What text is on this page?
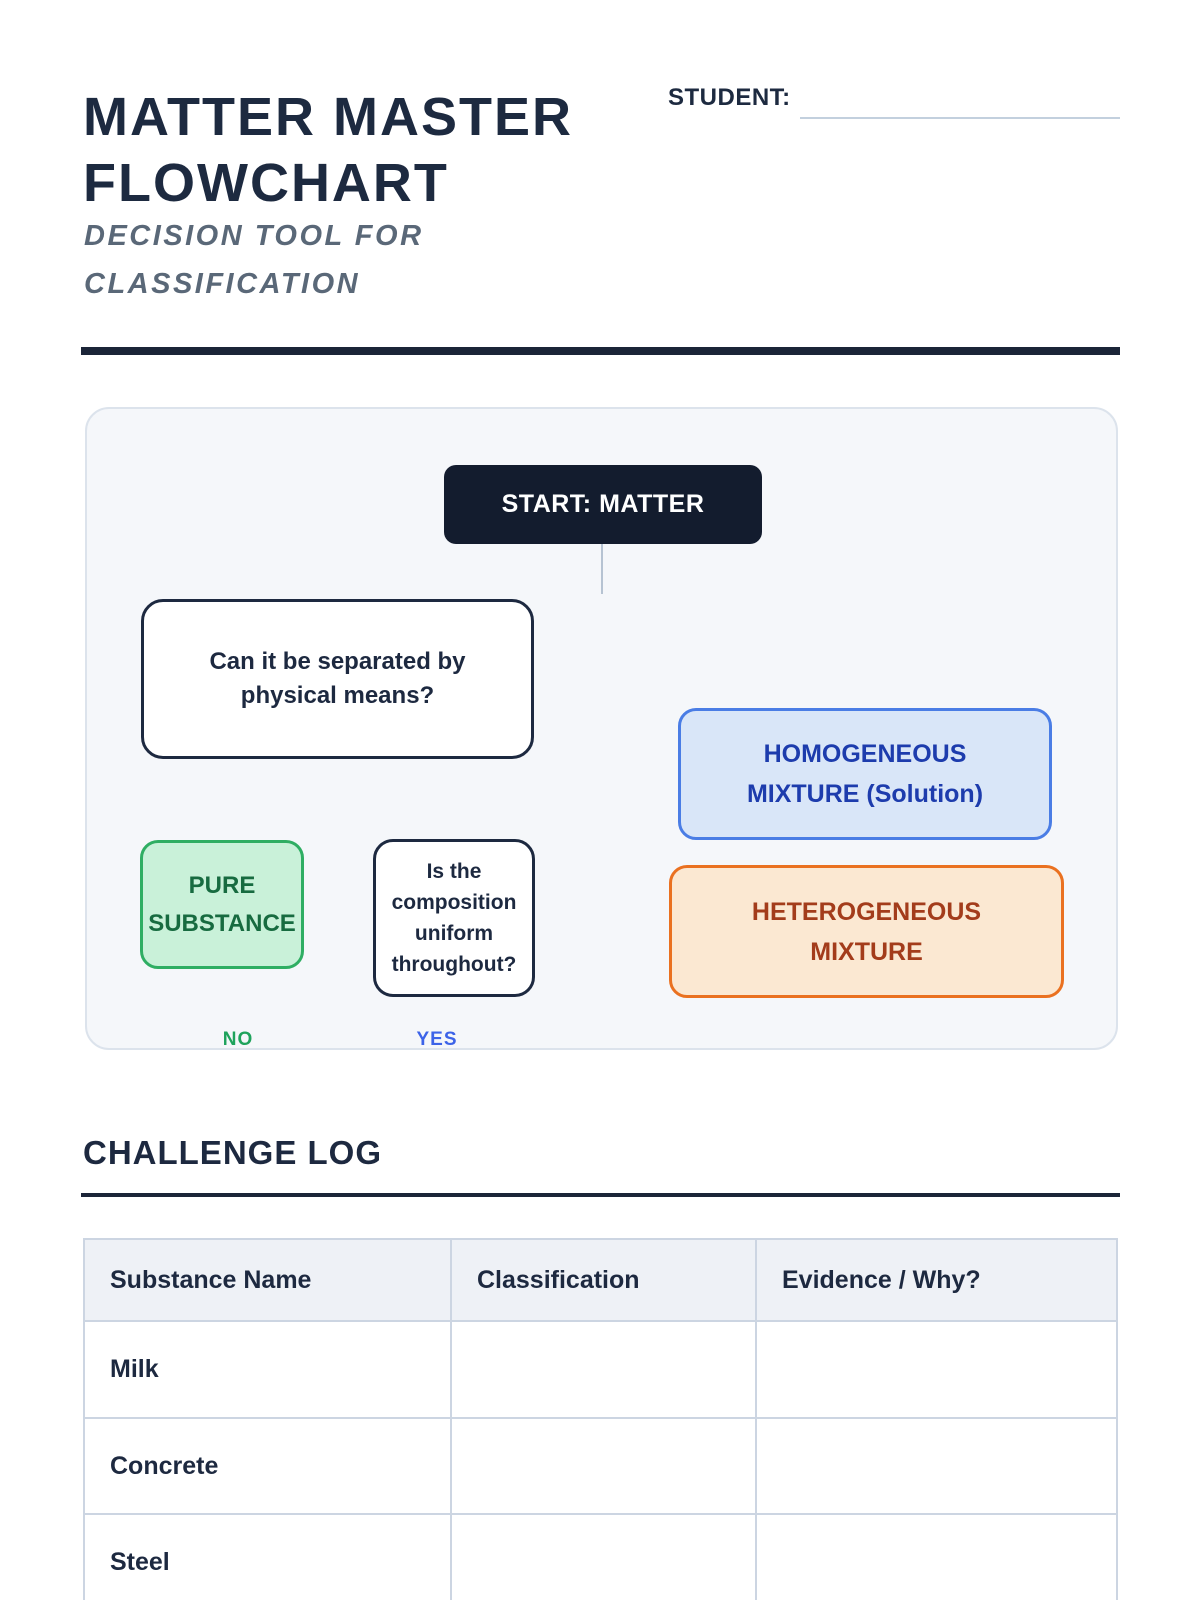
MATTER MASTER
FLOWCHART
DECISION TOOL FOR
CLASSIFICATION
STUDENT:
START: MATTER
Can it be separated by
physical means?
HOMOGENEOUS
MIXTURE (Solution)
PURE
SUBSTANCE
Is the
composition
uniform
throughout?
HETEROGENEOUS
MIXTURE
NO	YES
CHALLENGE LOG
Substance Name	Classification	Evidence / Why?
Milk
Concrete
Steel
